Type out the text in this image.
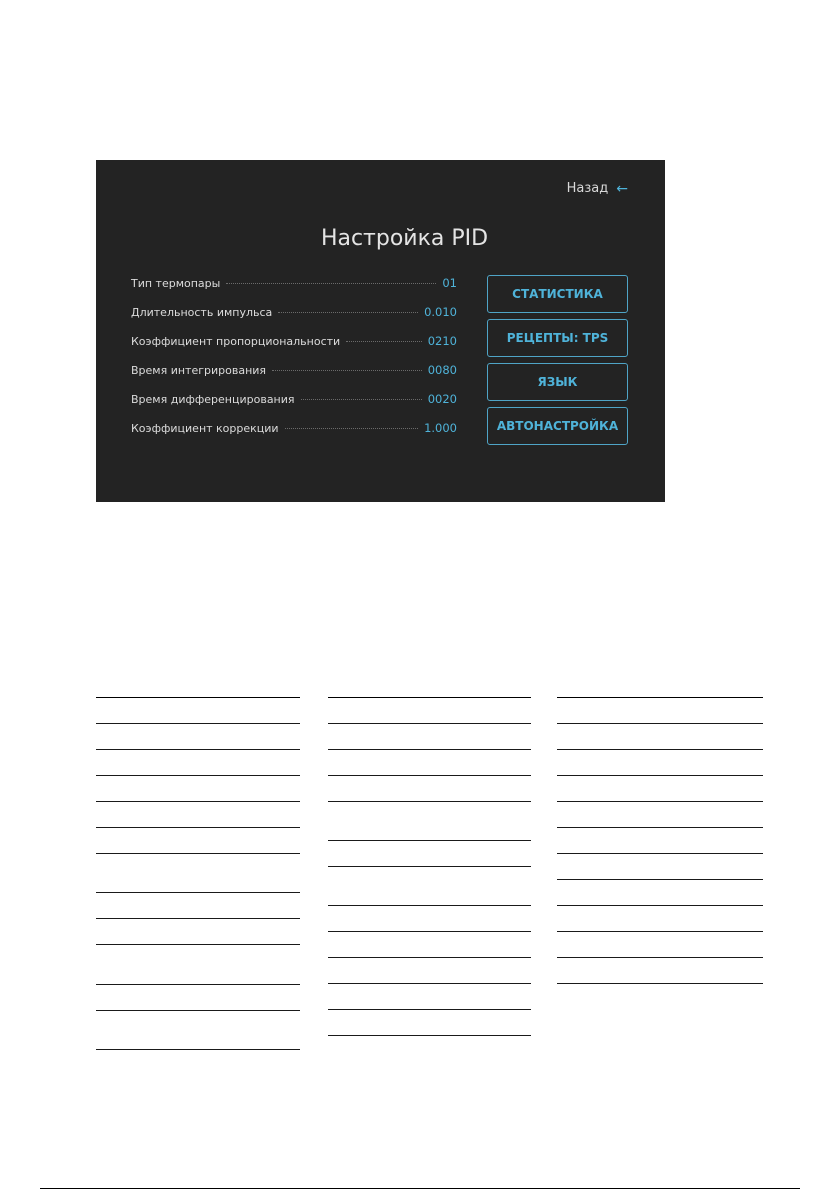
Назад ←
Настройка PID
Тип термопары	01
Длительность импульса	0.010
Коэффициент пропорциональности	0210
Время интегрирования	0080
Время дифференцирования	0020
Коэффициент коррекции	1.000
СТАТИСТИКА
РЕЦЕПТЫ: TPS
ЯЗЫК
АВТОНАСТРОЙКА
